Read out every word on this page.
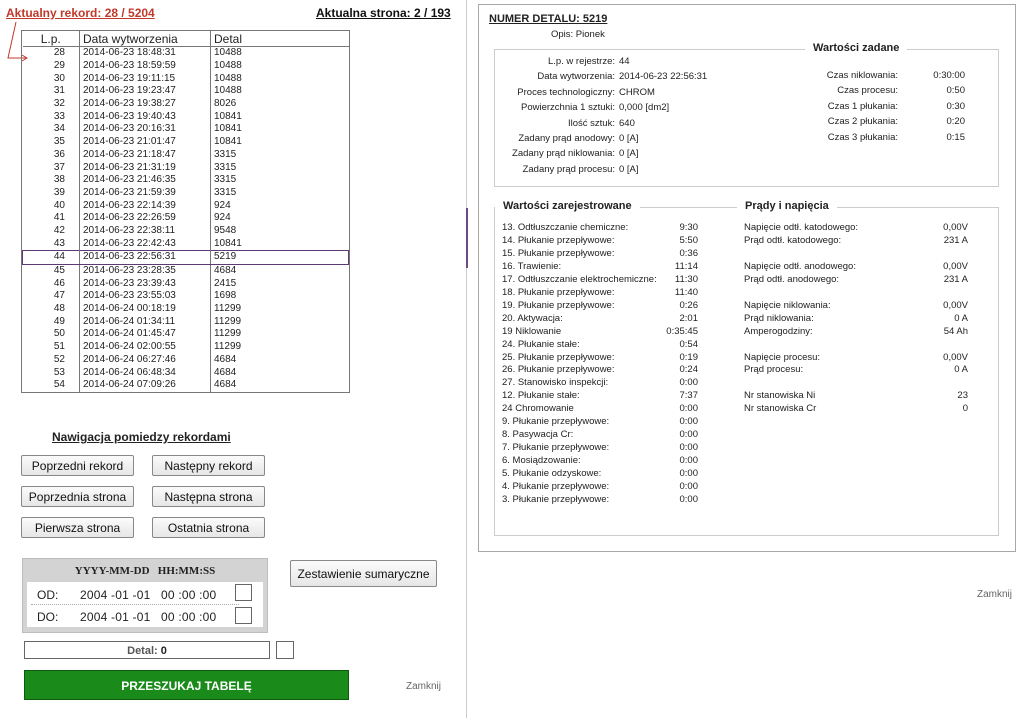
Aktualny rekord: 28 / 5204	Aktualna strona: 2 / 193
L.p.	Data wytworzenia	Detal
28	2014-06-23 18:48:31	10488
29	2014-06-23 18:59:59	10488
30	2014-06-23 19:11:15	10488
31	2014-06-23 19:23:47	10488
32	2014-06-23 19:38:27	8026
33	2014-06-23 19:40:43	10841
34	2014-06-23 20:16:31	10841
35	2014-06-23 21:01:47	10841
36	2014-06-23 21:18:47	3315
37	2014-06-23 21:31:19	3315
38	2014-06-23 21:46:35	3315
39	2014-06-23 21:59:39	3315
40	2014-06-23 22:14:39	924
41	2014-06-23 22:26:59	924
42	2014-06-23 22:38:11	9548
43	2014-06-23 22:42:43	10841
44	2014-06-23 22:56:31	5219
45	2014-06-23 23:28:35	4684
46	2014-06-23 23:39:43	2415
47	2014-06-23 23:55:03	1698
48	2014-06-24 00:18:19	11299
49	2014-06-24 01:34:11	11299
50	2014-06-24 01:45:47	11299
51	2014-06-24 02:00:55	11299
52	2014-06-24 06:27:46	4684
53	2014-06-24 06:48:34	4684
54	2014-06-24 07:09:26	4684
Nawigacja pomiedzy rekordami
Poprzedni rekord	Następny rekord
Poprzednia strona	Następna strona
Pierwsza strona	Ostatnia strona
YYYY-MM-DD   HH:MM:SS
OD: 2004 -01 -01   00 :00 :00
DO: 2004 -01 -01   00 :00 :00
Zestawienie sumaryczne
Detal: 0
PRZESZUKAJ TABELĘ	Zamknij
NUMER DETALU: 5219
Opis: Pionek
Wartości zadane
L.p. w rejestrze: 44
Data wytworzenia: 2014-06-23 22:56:31
Proces technologiczny: CHROM
Powierzchnia 1 sztuki: 0,000 [dm2]
Ilość sztuk: 640
Zadany prąd anodowy: 0 [A]
Zadany prąd niklowania: 0 [A]
Zadany prąd procesu: 0 [A]
Czas niklowania:	0:30:00
Czas procesu:	0:50
Czas 1 płukania:	0:30
Czas 2 płukania:	0:20
Czas 3 płukania:	0:15
Wartości zarejestrowane	Prądy i napięcia
13. Odtłuszczanie chemiczne:	9:30
14. Płukanie przepływowe:	5:50
15. Płukanie przepływowe:	0:36
16. Trawienie:	11:14
17. Odtłuszczanie elektrochemiczne:	11:30
18. Płukanie przepływowe:	11:40
19. Płukanie przepływowe:	0:26
20. Aktywacja:	2:01
19 Niklowanie	0:35:45
24. Płukanie stałe:	0:54
25. Płukanie przepływowe:	0:19
26. Płukanie przepływowe:	0:24
27. Stanowisko inspekcji:	0:00
12. Płukanie stałe:	7:37
24 Chromowanie	0:00
9. Płukanie przepływowe:	0:00
8. Pasywacja Cr:	0:00
7. Płukanie przepływowe:	0:00
6. Mosiądzowanie:	0:00
5. Płukanie odzyskowe:	0:00
4. Płukanie przepływowe:	0:00
3. Płukanie przepływowe:	0:00
Napięcie odtł. katodowego:	0,00V
Prąd odtł. katodowego:	231 A
Napięcie odtł. anodowego:	0,00V
Prąd odtł. anodowego:	231 A
Napięcie niklowania:	0,00V
Prąd niklowania:	0 A
Amperogodziny:	54 Ah
Napięcie procesu:	0,00V
Prąd procesu:	0 A
Nr stanowiska Ni	23
Nr stanowiska Cr	0
Zamknij
